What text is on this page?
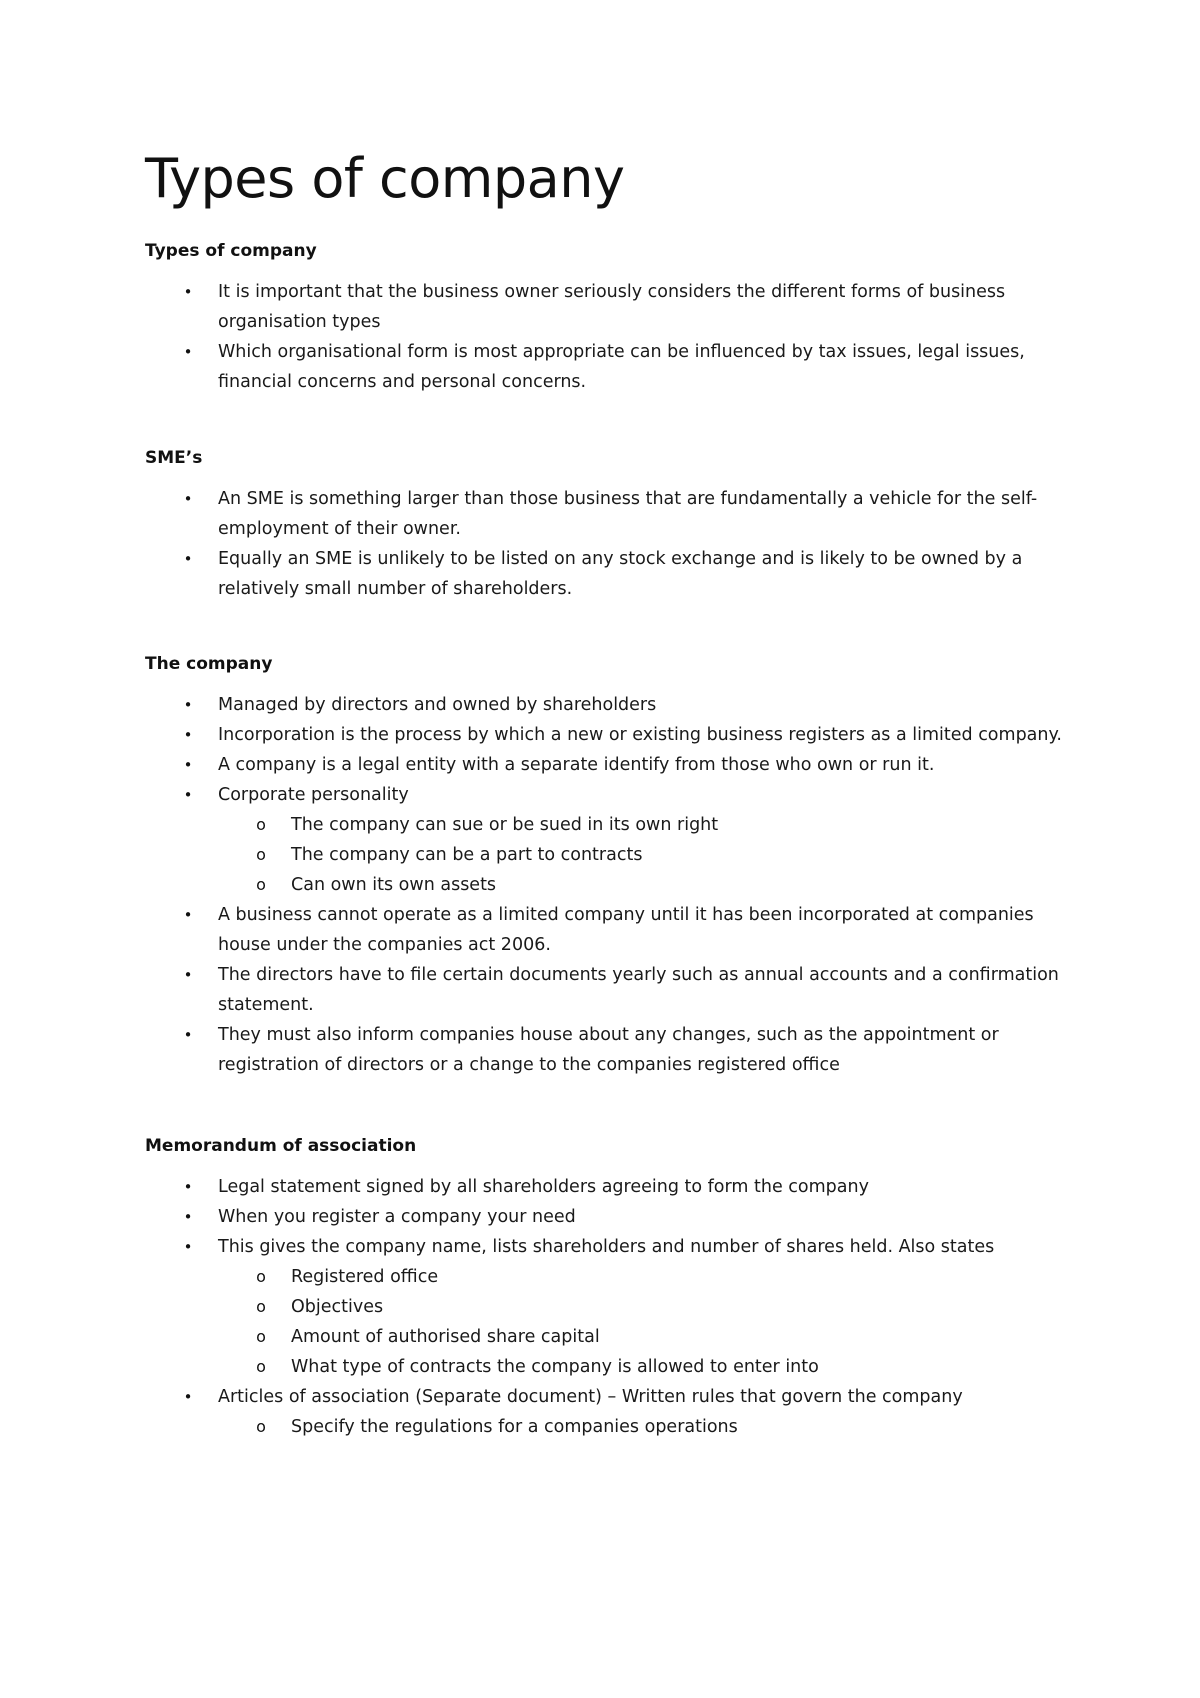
Types of company
Types of company
• It is important that the business owner seriously considers the different forms of business organisation types
• Which organisational form is most appropriate can be influenced by tax issues, legal issues, financial concerns and personal concerns.
SME’s
• An SME is something larger than those business that are fundamentally a vehicle for the self-employment of their owner.
• Equally an SME is unlikely to be listed on any stock exchange and is likely to be owned by a relatively small number of shareholders.
The company
• Managed by directors and owned by shareholders
• Incorporation is the process by which a new or existing business registers as a limited company.
• A company is a legal entity with a separate identify from those who own or run it.
• Corporate personality
o The company can sue or be sued in its own right
o The company can be a part to contracts
o Can own its own assets
• A business cannot operate as a limited company until it has been incorporated at companies house under the companies act 2006.
• The directors have to file certain documents yearly such as annual accounts and a confirmation statement.
• They must also inform companies house about any changes, such as the appointment or registration of directors or a change to the companies registered office
Memorandum of association
• Legal statement signed by all shareholders agreeing to form the company
• When you register a company your need
• This gives the company name, lists shareholders and number of shares held. Also states
o Registered office
o Objectives
o Amount of authorised share capital
o What type of contracts the company is allowed to enter into
• Articles of association (Separate document) – Written rules that govern the company
o Specify the regulations for a companies operations
